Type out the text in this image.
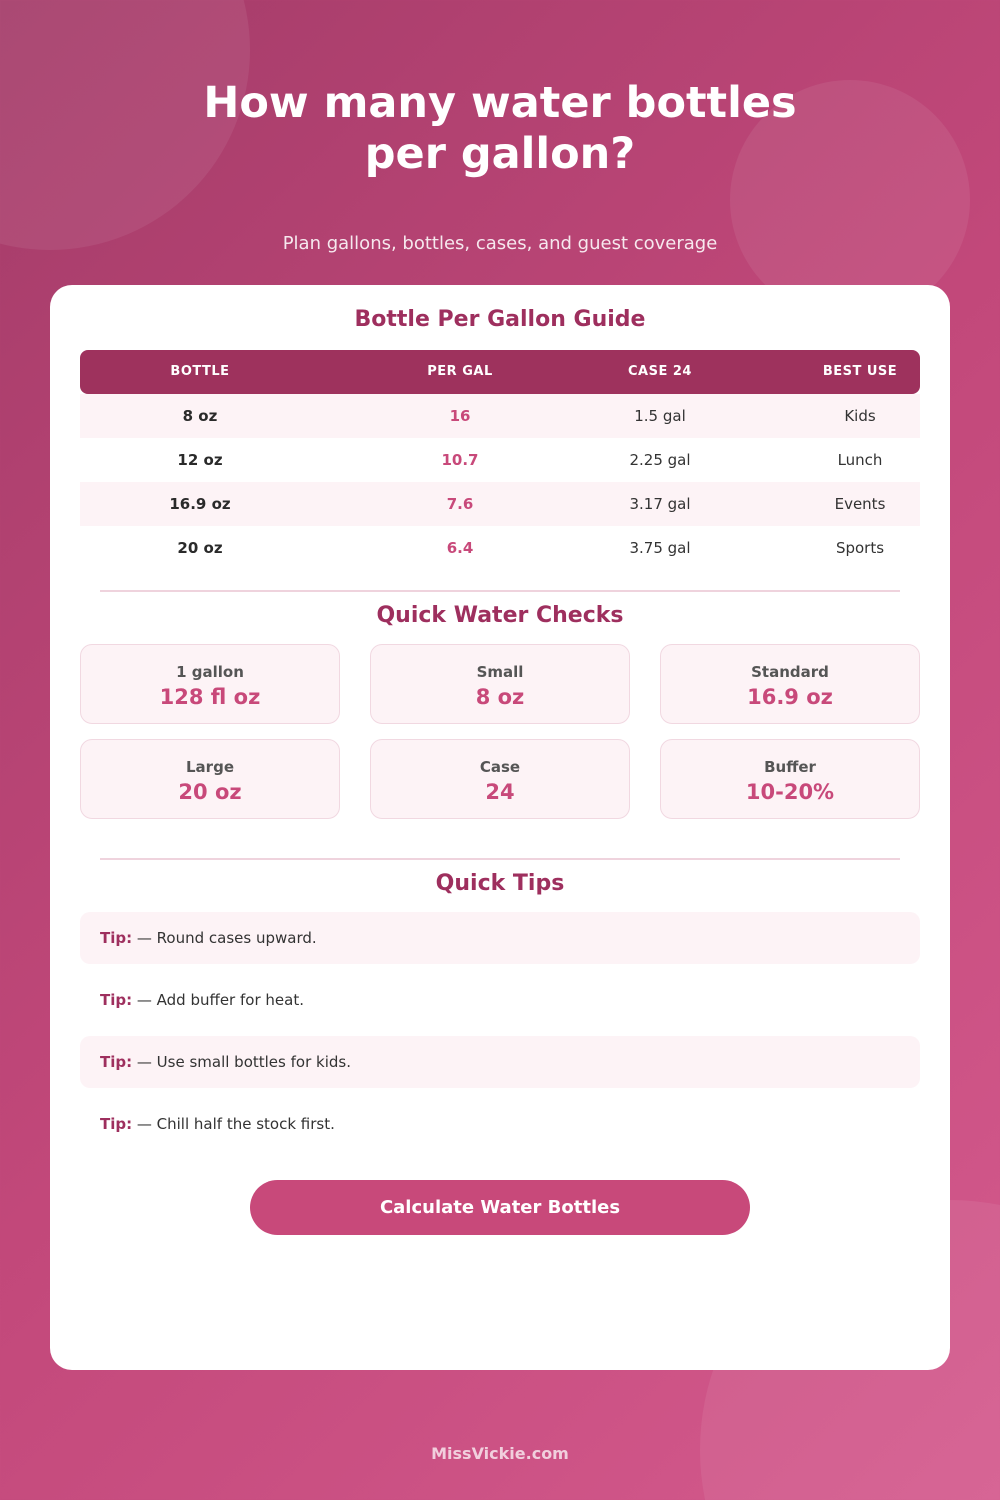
How many water bottles
per gallon?

Plan gallons, bottles, cases, and guest coverage

Bottle Per Gallon Guide
BOTTLE	PER GAL	CASE 24	BEST USE
8 oz	16	1.5 gal	Kids
12 oz	10.7	2.25 gal	Lunch
16.9 oz	7.6	3.17 gal	Events
20 oz	6.4	3.75 gal	Sports
Quick Water Checks
1 gallon
128 fl oz
Small
8 oz
Standard
16.9 oz
Large
20 oz
Case
24
Buffer
10-20%
Quick Tips
Tip: — Round cases upward.
Tip: — Add buffer for heat.
Tip: — Use small bottles for kids.
Tip: — Chill half the stock first.
Calculate Water Bottles
MissVickie.com
